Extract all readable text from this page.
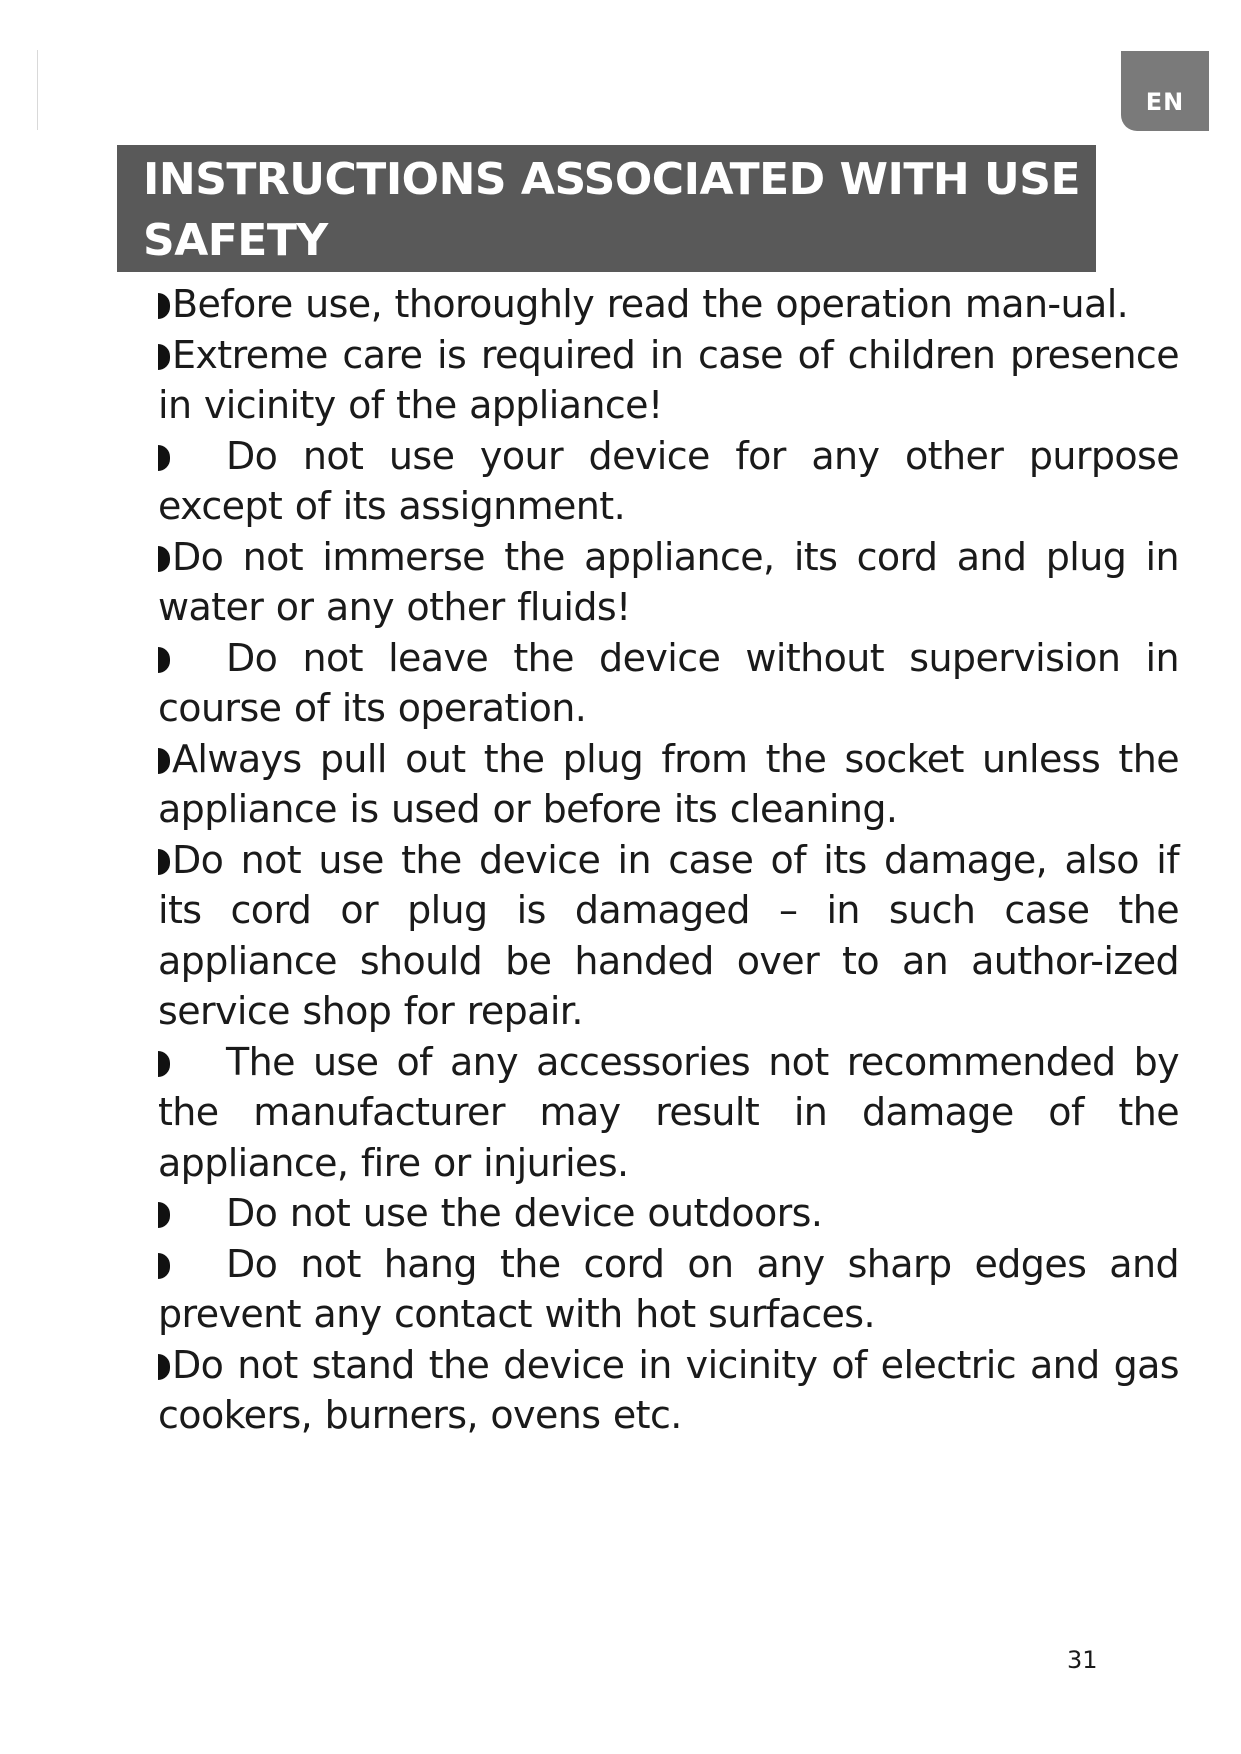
EN
INSTRUCTIONS ASSOCIATED WITH USE
SAFETY

Before use, thoroughly read the operation man-ual.

Extreme care is required in case of children presence in vicinity of the appliance!

Do not use your device for any other purpose except of its assignment.

Do not immerse the appliance, its cord and plug in water or any other fluids!

Do not leave the device without supervision in course of its operation.

Always pull out the plug from the socket unless the appliance is used or before its cleaning.

Do not use the device in case of its damage, also if its cord or plug is damaged – in such case the appliance should be handed over to an author-ized service shop for repair.

The use of any accessories not recommended by the manufacturer may result in damage of the appliance, fire or injuries.

Do not use the device outdoors.

Do not hang the cord on any sharp edges and prevent any contact with hot surfaces.

Do not stand the device in vicinity of electric and gas cookers, burners, ovens etc.

31
